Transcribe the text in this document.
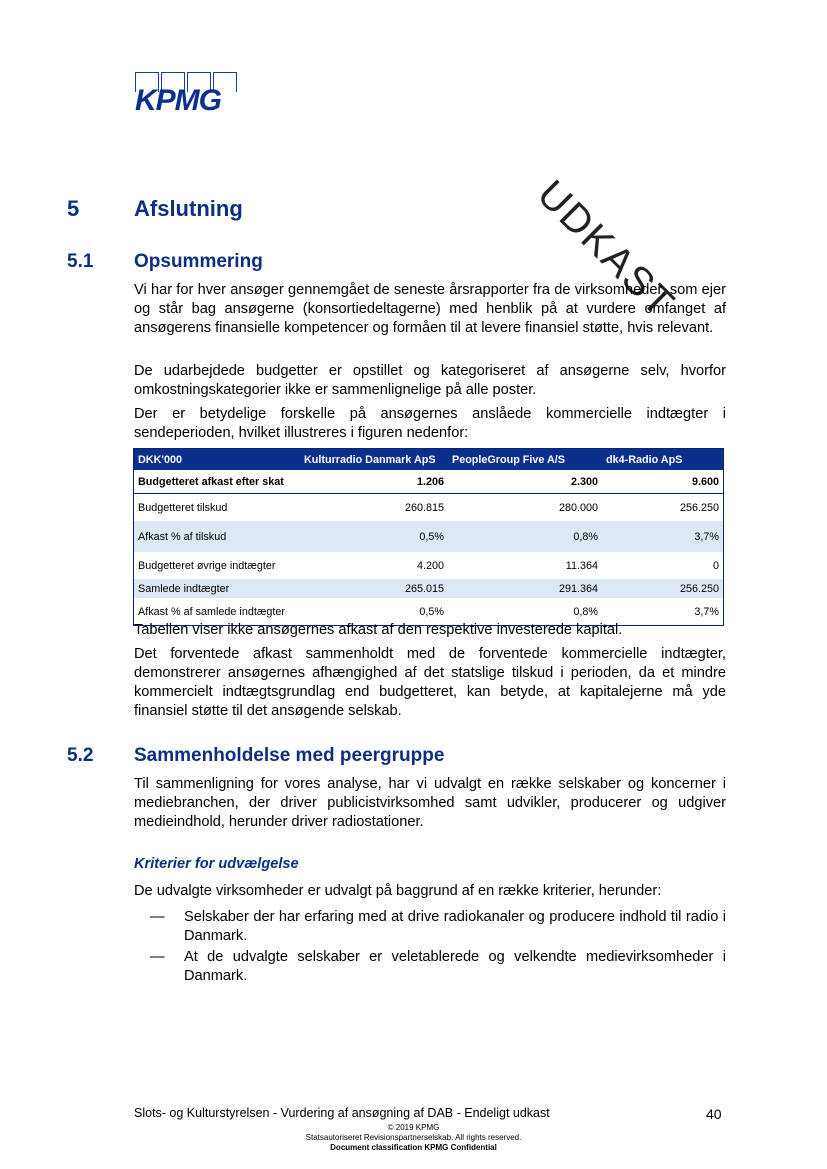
KPMG
UDKAST
5 Afslutning
5.1 Opsummering

Vi har for hver ansøger gennemgået de seneste årsrapporter fra de virksomheder, som ejer og står bag ansøgerne (konsortiedeltagerne) med henblik på at vurdere omfanget af ansøgerens finansielle kompetencer og formåen til at levere finansiel støtte, hvis relevant.

De udarbejdede budgetter er opstillet og kategoriseret af ansøgerne selv, hvorfor omkostningskategorier ikke er sammenlignelige på alle poster.

Der er betydelige forskelle på ansøgernes anslåede kommercielle indtægter i sendeperioden, hvilket illustreres i figuren nedenfor:

DKK'000	Kulturradio Danmark ApS	PeopleGroup Five A/S	dk4-Radio ApS
Budgetteret afkast efter skat	1.206	2.300	9.600
Budgetteret tilskud	260.815	280.000	256.250
Afkast % af tilskud	0,5%	0,8%	3,7%
Budgetteret øvrige indtægter	4.200	11.364	0
Samlede indtægter	265.015	291.364	256.250
Afkast % af samlede indtægter	0,5%	0,8%	3,7%

Tabellen viser ikke ansøgernes afkast af den respektive investerede kapital.

Det forventede afkast sammenholdt med de forventede kommercielle indtægter, demonstrerer ansøgernes afhængighed af det statslige tilskud i perioden, da et mindre kommercielt indtægtsgrundlag end budgetteret, kan betyde, at kapitalejerne må yde finansiel støtte til det ansøgende selskab.

5.2 Sammenholdelse med peergruppe

Til sammenligning for vores analyse, har vi udvalgt en række selskaber og koncerner i mediebranchen, der driver publicistvirksomhed samt udvikler, producerer og udgiver medieindhold, herunder driver radiostationer.

Kriterier for udvælgelse

De udvalgte virksomheder er udvalgt på baggrund af en række kriterier, herunder:

— Selskaber der har erfaring med at drive radiokanaler og producere indhold til radio i Danmark.
— At de udvalgte selskaber er veletablerede og velkendte medievirksomheder i Danmark.
Slots- og Kulturstyrelsen - Vurdering af ansøgning af DAB - Endeligt udkast	40
© 2019 KPMG
Statsautoriseret Revisionspartnerselskab. All rights reserved.
Document classification KPMG Confidential
